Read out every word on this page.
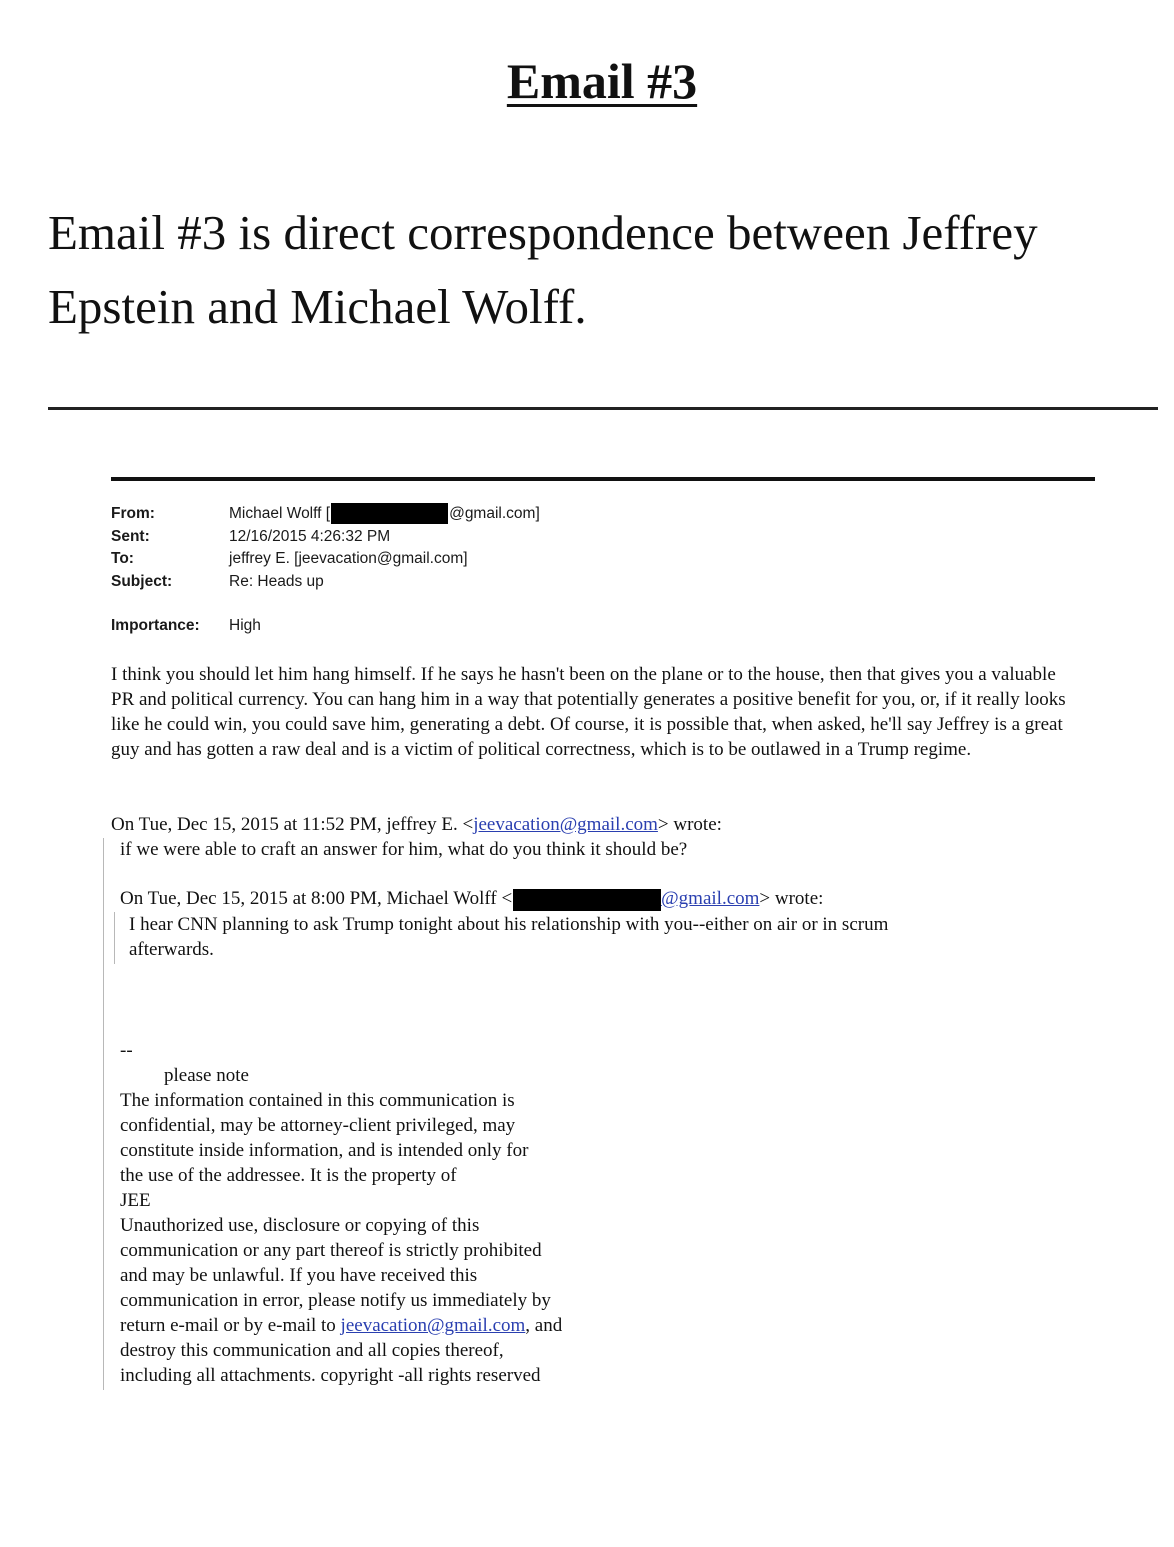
Email #3

Email #3 is direct correspondence between Jeffrey Epstein and Michael Wolff.

From:	Michael Wolff [	@gmail.com]
Sent:	12/16/2015 4:26:32 PM
To:	jeffrey E. [jeevacation@gmail.com]
Subject:	Re: Heads up
Importance:	High

I think you should let him hang himself. If he says he hasn't been on the plane or to the house, then that gives you a valuable PR and political currency. You can hang him in a way that potentially generates a positive benefit for you, or, if it really looks like he could win, you could save him, generating a debt. Of course, it is possible that, when asked, he'll say Jeffrey is a great guy and has gotten a raw deal and is a victim of political correctness, which is to be outlawed in a Trump regime.

On Tue, Dec 15, 2015 at 11:52 PM, jeffrey E. <jeevacation@gmail.com> wrote:
if we were able to craft an answer for him, what do you think it should be?
On Tue, Dec 15, 2015 at 8:00 PM, Michael Wolff <	@gmail.com> wrote:
I hear CNN planning to ask Trump tonight about his relationship with you--either on air or in scrum
afterwards.
--
please note
The information contained in this communication is
confidential, may be attorney-client privileged, may
constitute inside information, and is intended only for
the use of the addressee. It is the property of
JEE
Unauthorized use, disclosure or copying of this
communication or any part thereof is strictly prohibited
and may be unlawful. If you have received this
communication in error, please notify us immediately by
return e-mail or by e-mail to jeevacation@gmail.com, and
destroy this communication and all copies thereof,
including all attachments. copyright -all rights reserved
